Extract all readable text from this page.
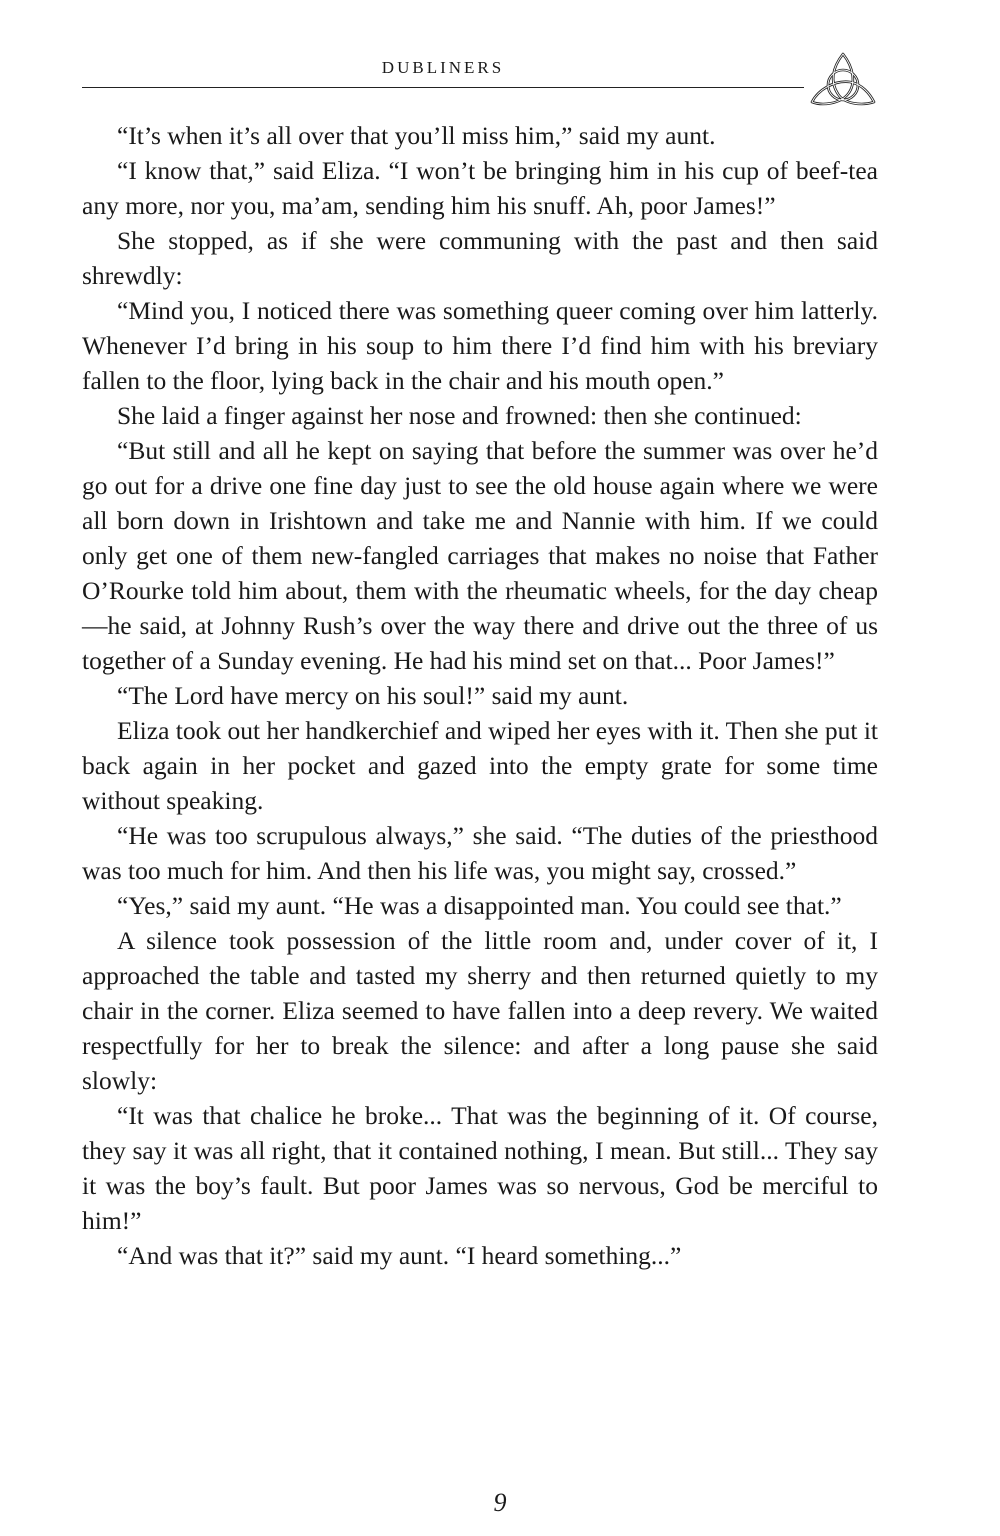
DUBLINERS

“It’s when it’s all over that you’ll miss him,” said my aunt.

“I know that,” said Eliza. “I won’t be bringing him in his cup of beef-tea any more, nor you, ma’am, sending him his snuff. Ah, poor James!”

She stopped, as if she were communing with the past and then said shrewdly:

“Mind you, I noticed there was something queer coming over him latterly. Whenever I’d bring in his soup to him there I’d find him with his breviary fallen to the floor, lying back in the chair and his mouth open.”

She laid a finger against her nose and frowned: then she continued:

“But still and all he kept on saying that before the summer was over he’d go out for a drive one fine day just to see the old house again where we were all born down in Irishtown and take me and Nannie with him. If we could only get one of them new-fangled carriages that makes no noise that Father O’Rourke told him about, them with the rheumatic wheels, for the day cheap—he said, at Johnny Rush’s over the way there and drive out the three of us together of a Sunday evening. He had his mind set on that... Poor James!”

“The Lord have mercy on his soul!” said my aunt.

Eliza took out her handkerchief and wiped her eyes with it. Then she put it back again in her pocket and gazed into the empty grate for some time without speaking.

“He was too scrupulous always,” she said. “The duties of the priesthood was too much for him. And then his life was, you might say, crossed.”

“Yes,” said my aunt. “He was a disappointed man. You could see that.”

A silence took possession of the little room and, under cover of it, I approached the table and tasted my sherry and then returned quietly to my chair in the corner. Eliza seemed to have fallen into a deep revery. We waited respectfully for her to break the silence: and after a long pause she said slowly:

“It was that chalice he broke... That was the beginning of it. Of course, they say it was all right, that it contained nothing, I mean. But still... They say it was the boy’s fault. But poor James was so nervous, God be merciful to him!”

“And was that it?” said my aunt. “I heard something...”

9
